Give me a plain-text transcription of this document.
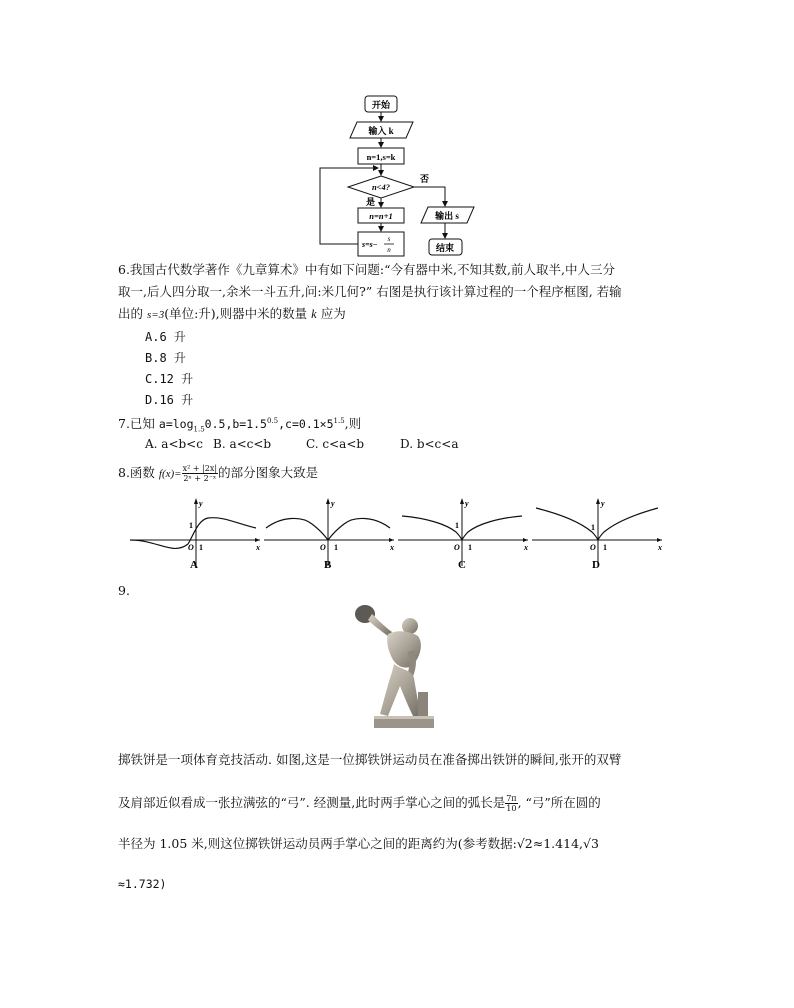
开始
输入 k
n=1,s=k
n<4?
否
是
n=n+1
s=s−
s
n
输出 s
结束
6.我国古代数学著作《九章算术》中有如下问题:“今有器中米,不知其数,前人取半,中人三分
取一,后人四分取一,余米一斗五升,问:米几何?” 右图是执行该计算过程的一个程序框图, 若输
出的 s=3(单位:升),则器中米的数量 k 应为
A.6 升
B.8 升
C.12 升
D.16 升
7.已知 $a=\log_{1.5}0.5,b=1.5^{0.5},c=0.1\times 5^{1.5}$,则
A. a<b<c B. a<c<b	C. c<a<b	D. b<c<a
8.函数 $f(x)= \frac{\text{x² + |2x|}}{\text{2ˣ + 2⁻ˣ}}$ 的部分图象大致是
y
x
O 1
1
A
y
x
O 1
B
y
x
O 1
1
C
y
x
O 1
1
D
9.
掷铁饼是一项体育竞技活动. 如图,这是一位掷铁饼运动员在准备掷出铁饼的瞬间,张开的双臂
及肩部近似看成一张拉满弦的“弓”. 经测量,此时两手掌心之间的弧长是 $\frac{7\pi}{10}$ , “弓”所在圆的
半径为 1.05 米,则这位掷铁饼运动员两手掌心之间的距离约为(参考数据:√2≈1.414,√3
≈1.732)
